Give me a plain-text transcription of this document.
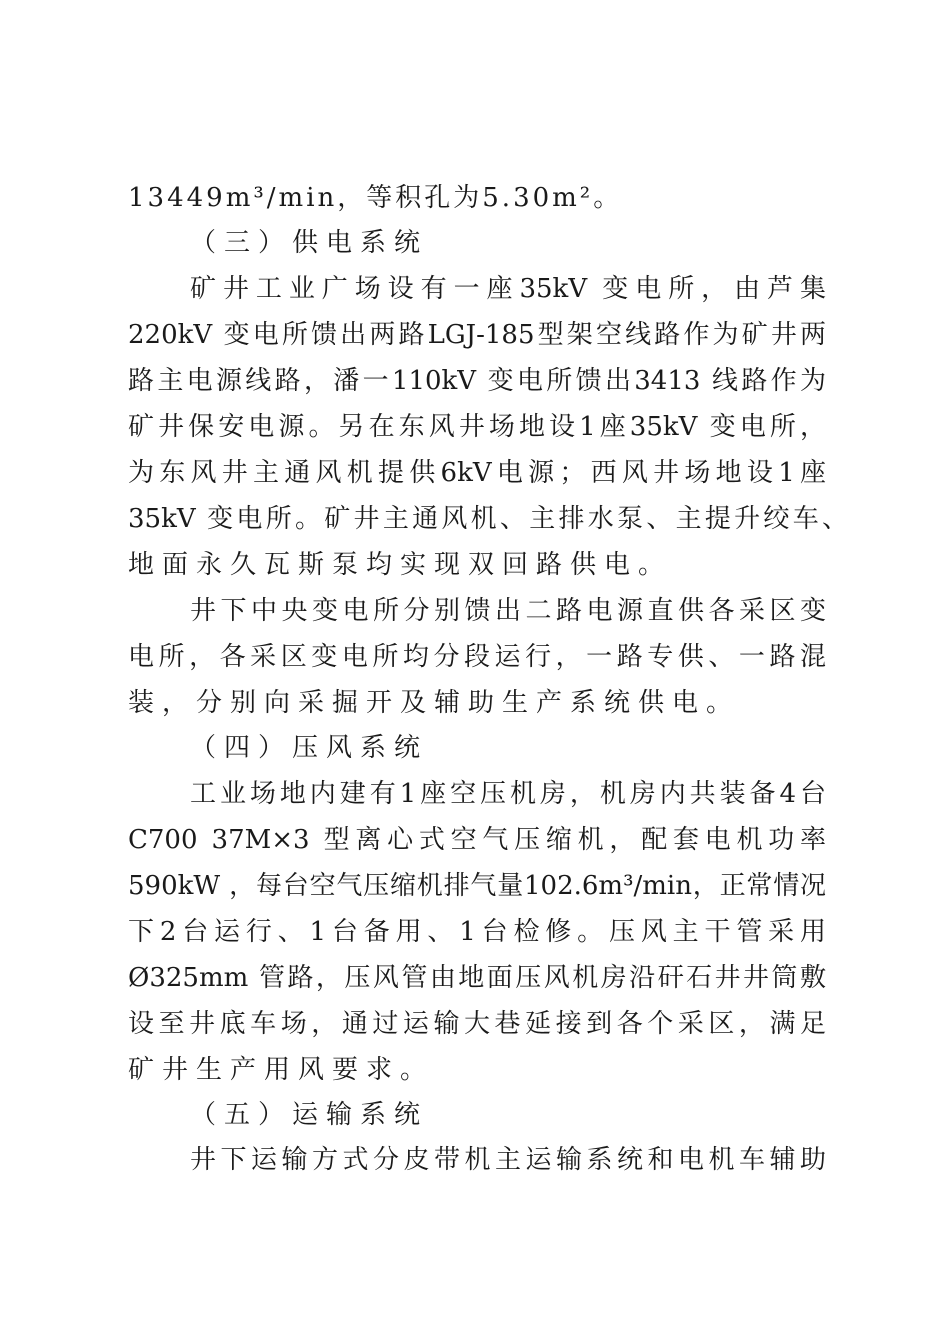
13449m³/min，等积孔为5.30m²。
（三）供电系统
矿井工业广场设有一座35kV 变电所，由芦集
220kV 变电所馈出两路LGJ-185型架空线路作为矿井两
路主电源线路，潘一110kV 变电所馈出3413 线路作为
矿井保安电源。另在东风井场地设1座35kV 变电所，
为东风井主通风机提供6kV电源；西风井场地设1座
35kV 变电所。矿井主通风机、主排水泵、主提升绞车、
地面永久瓦斯泵均实现双回路供电。
井下中央变电所分别馈出二路电源直供各采区变
电所，各采区变电所均分段运行，一路专供、一路混
装，分别向采掘开及辅助生产系统供电。
（四）压风系统
工业场地内建有1座空压机房，机房内共装备4台
C700 37M×3 型离心式空气压缩机，配套电机功率
590kW ，每台空气压缩机排气量102.6m³/min，正常情况
下2台运行、1台备用、1台检修。压风主干管采用
Ø325mm 管路，压风管由地面压风机房沿矸石井井筒敷
设至井底车场，通过运输大巷延接到各个采区，满足
矿井生产用风要求。
（五）运输系统
井下运输方式分皮带机主运输系统和电机车辅助
